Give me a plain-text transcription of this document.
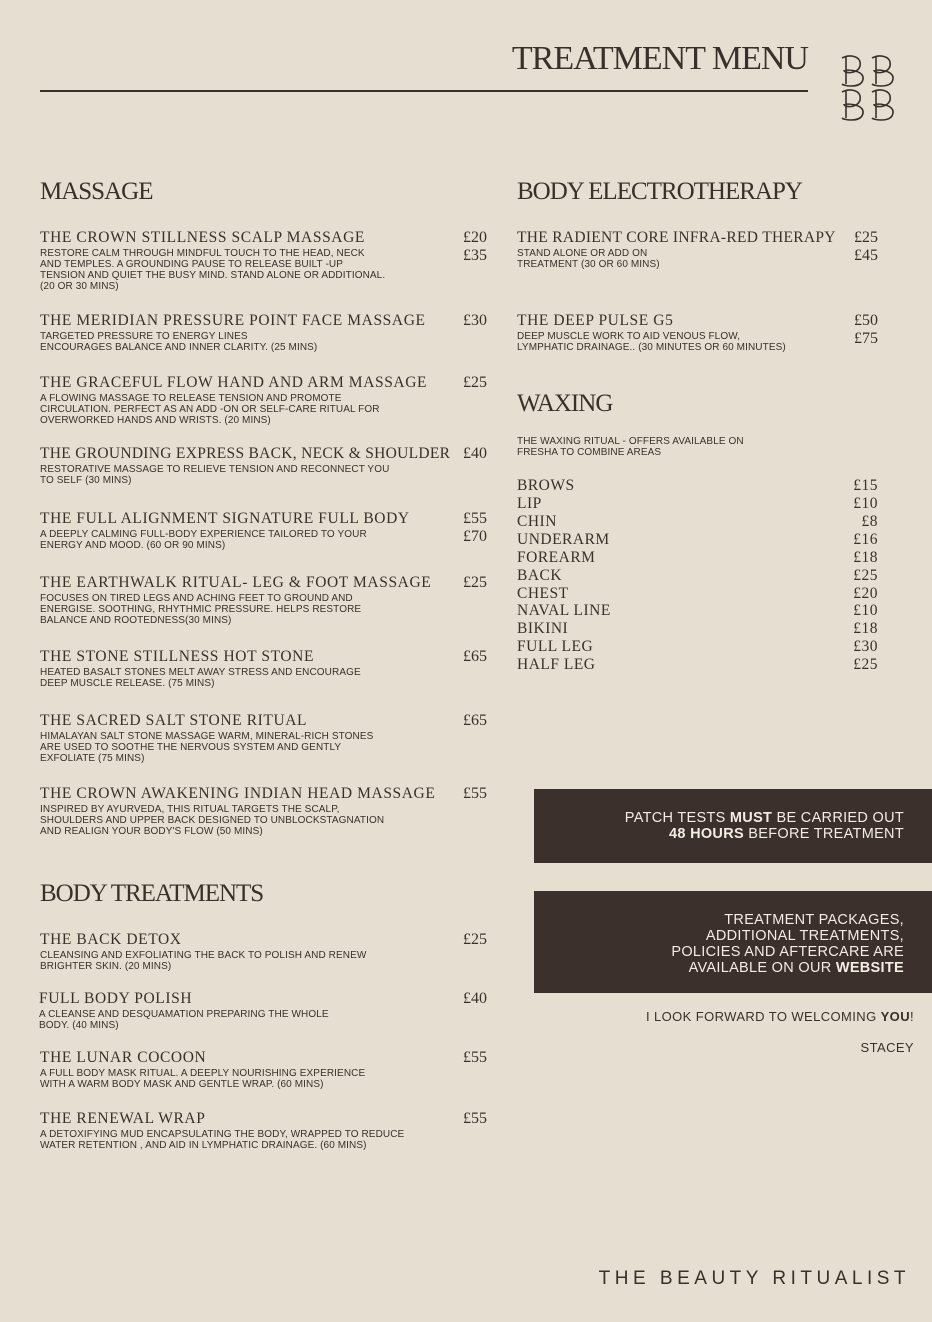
TREATMENT MENU
MASSAGE
THE CROWN STILLNESS SCALP MASSAGE	£20
£35
RESTORE CALM THROUGH MINDFUL TOUCH TO THE HEAD, NECK
AND TEMPLES. A GROUNDING PAUSE TO RELEASE BUILT -UP
TENSION AND QUIET THE BUSY MIND. STAND ALONE OR ADDITIONAL.
(20 OR 30 MINS)
THE MERIDIAN PRESSURE POINT FACE MASSAGE £30
TARGETED PRESSURE TO ENERGY LINES
ENCOURAGES BALANCE AND INNER CLARITY. (25 MINS)
THE GRACEFUL FLOW HAND AND ARM MASSAGE £25
A FLOWING MASSAGE TO RELEASE TENSION AND PROMOTE
CIRCULATION. PERFECT AS AN ADD -ON OR SELF-CARE RITUAL FOR
OVERWORKED HANDS AND WRISTS. (20 MINS)
THE GROUNDING EXPRESS BACK, NECK & SHOULDER £40
RESTORATIVE MASSAGE TO RELIEVE TENSION AND RECONNECT YOU
TO SELF (30 MINS)
THE FULL ALIGNMENT SIGNATURE FULL BODY	£55
£70
A DEEPLY CALMING FULL-BODY EXPERIENCE TAILORED TO YOUR
ENERGY AND MOOD. (60 OR 90 MINS)
THE EARTHWALK RITUAL- LEG & FOOT MASSAGE £25
FOCUSES ON TIRED LEGS AND ACHING FEET TO GROUND AND
ENERGISE. SOOTHING, RHYTHMIC PRESSURE. HELPS RESTORE
BALANCE AND ROOTEDNESS(30 MINS)
THE STONE STILLNESS HOT STONE	£65
HEATED BASALT STONES MELT AWAY STRESS AND ENCOURAGE
DEEP MUSCLE RELEASE. (75 MINS)
THE SACRED SALT STONE RITUAL	£65
HIMALAYAN SALT STONE MASSAGE WARM, MINERAL-RICH STONES
ARE USED TO SOOTHE THE NERVOUS SYSTEM AND GENTLY
EXFOLIATE (75 MINS)
THE CROWN AWAKENING INDIAN HEAD MASSAGE £55
INSPIRED BY AYURVEDA, THIS RITUAL TARGETS THE SCALP,
SHOULDERS AND UPPER BACK DESIGNED TO UNBLOCKSTAGNATION
AND REALIGN YOUR BODY'S FLOW (50 MINS)
BODY TREATMENTS
THE BACK DETOX	£25
CLEANSING AND EXFOLIATING THE BACK TO POLISH AND RENEW
BRIGHTER SKIN. (20 MINS)
FULL BODY POLISH	£40
A CLEANSE AND DESQUAMATION PREPARING THE WHOLE
BODY. (40 MINS)
THE LUNAR COCOON	£55
A FULL BODY MASK RITUAL. A DEEPLY NOURISHING EXPERIENCE
WITH A WARM BODY MASK AND GENTLE WRAP. (60 MINS)
THE RENEWAL WRAP	£55
A DETOXIFYING MUD ENCAPSULATING THE BODY, WRAPPED TO REDUCE
WATER RETENTION , AND AID IN LYMPHATIC DRAINAGE. (60 MINS)
BODY ELECTROTHERAPY
THE RADIENT CORE INFRA-RED THERAPY £25
£45
STAND ALONE OR ADD ON
TREATMENT (30 OR 60 MINS)
THE DEEP PULSE G5	£50
£75
DEEP MUSCLE WORK TO AID VENOUS FLOW,
LYMPHATIC DRAINAGE.. (30 MINUTES OR 60 MINUTES)
WAXING
THE WAXING RITUAL - OFFERS AVAILABLE ON
FRESHA TO COMBINE AREAS
BROWS	£15
LIP	£10
CHIN	£8
UNDERARM	£16
FOREARM	£18
BACK	£25
CHEST	£20
NAVAL LINE	£10
BIKINI	£18
FULL LEG	£30
HALF LEG	£25
PATCH TESTS MUST BE CARRIED OUT
48 HOURS BEFORE TREATMENT
TREATMENT PACKAGES,
ADDITIONAL TREATMENTS,
POLICIES AND AFTERCARE ARE
AVAILABLE ON OUR WEBSITE
I LOOK FORWARD TO WELCOMING YOU!
STACEY
THE BEAUTY RITUALIST
